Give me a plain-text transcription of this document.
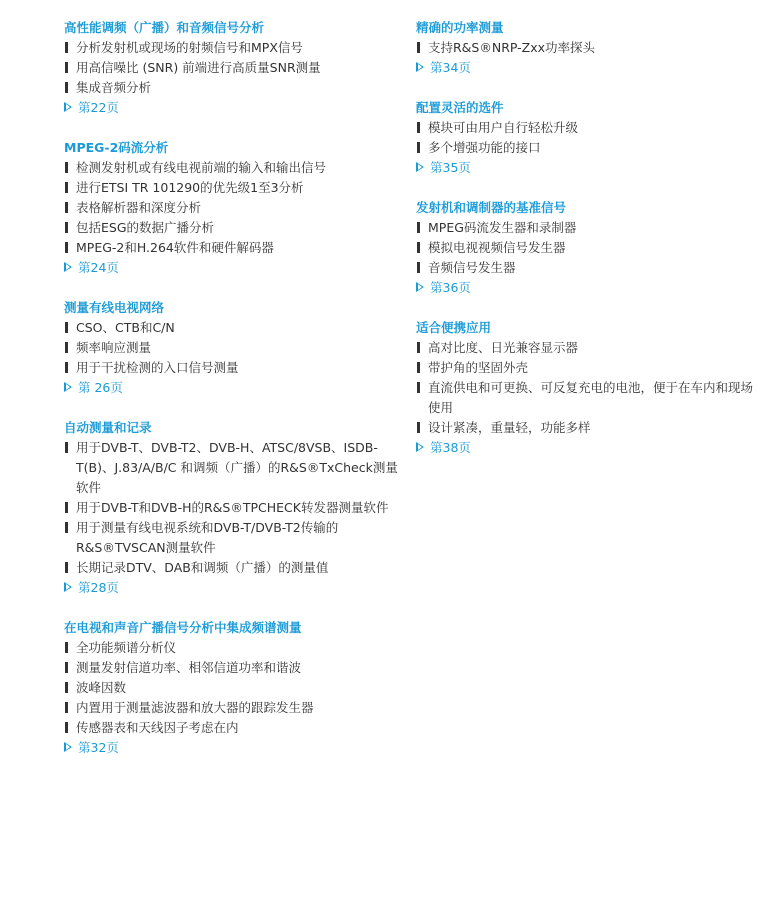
高性能调频（广播）和音频信号分析
分析发射机或现场的射频信号和MPX信号
用高信噪比 (SNR) 前端进行高质量SNR测量
集成音频分析
第22页
MPEG-2码流分析
检测发射机或有线电视前端的输入和输出信号
进行ETSI TR 101290的优先级1至3分析
表格解析器和深度分析
包括ESG的数据广播分析
MPEG-2和H.264软件和硬件解码器
第24页
测量有线电视网络
CSO、CTB和C/N
频率响应测量
用于干扰检测的入口信号测量
第 26页
自动测量和记录
用于DVB-T、DVB-T2、DVB-H、ATSC/8VSB、ISDB-T(B)、J.83/A/B/C 和调频（广播）的R&S®TxCheck测量软件
用于DVB-T和DVB-H的R&S®TPCHECK转发器测量软件
用于测量有线电视系统和DVB-T/DVB-T2传输的R&S®TVSCAN测量软件
长期记录DTV、DAB和调频（广播）的测量值
第28页
在电视和声音广播信号分析中集成频谱测量
全功能频谱分析仪
测量发射信道功率、相邻信道功率和谐波
波峰因数
内置用于测量滤波器和放大器的跟踪发生器
传感器表和天线因子考虑在内
第32页
精确的功率测量
支持R&S®NRP-Zxx功率探头
第34页
配置灵活的选件
模块可由用户自行轻松升级
多个增强功能的接口
第35页
发射机和调制器的基准信号
MPEG码流发生器和录制器
模拟电视视频信号发生器
音频信号发生器
第36页
适合便携应用
高对比度、日光兼容显示器
带护角的坚固外壳
直流供电和可更换、可反复充电的电池，便于在车内和现场使用
设计紧凑，重量轻，功能多样
第38页
